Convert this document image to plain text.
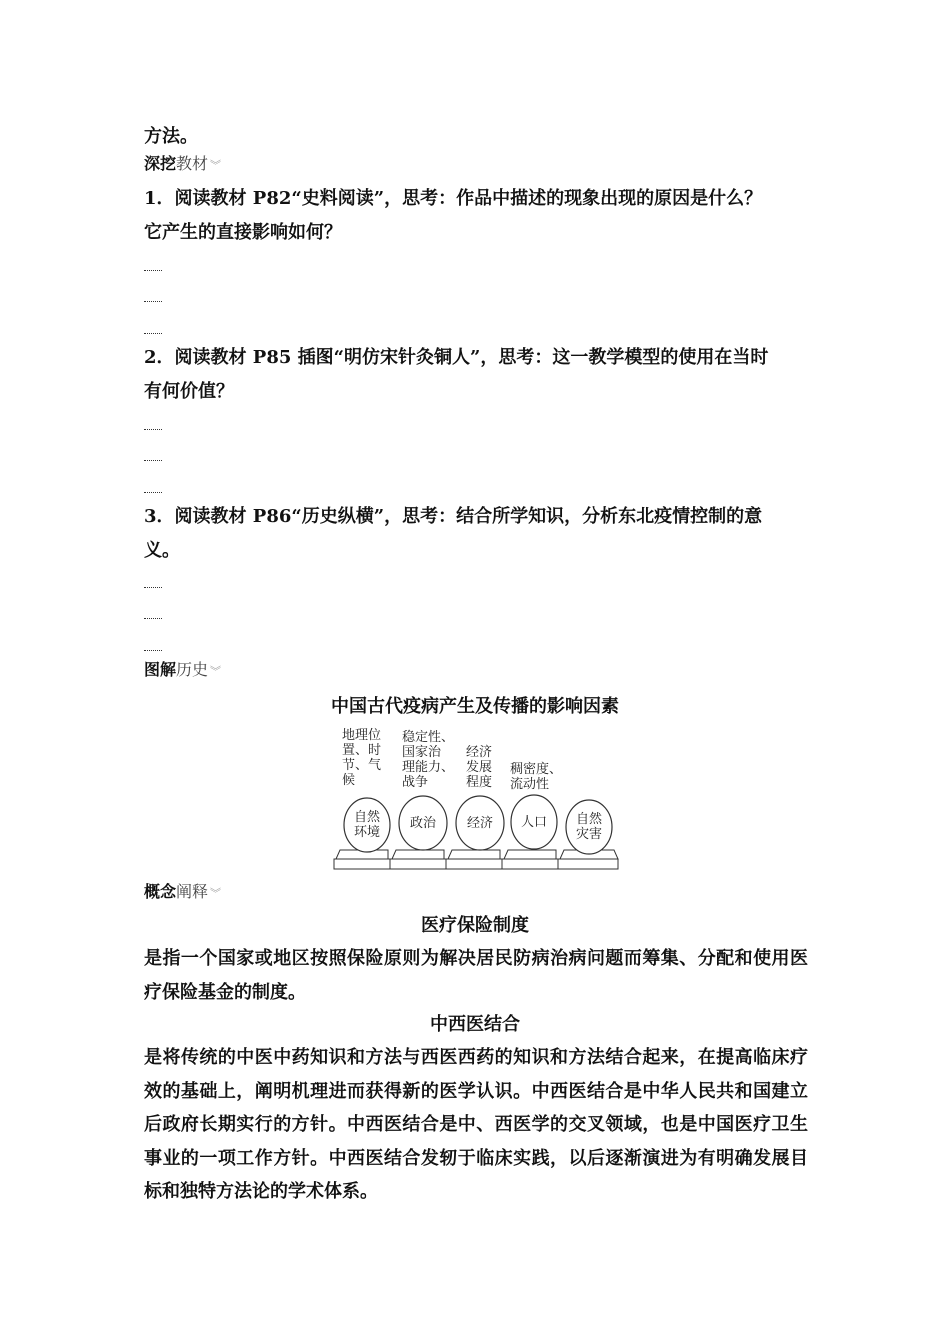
方法。
深挖教材 ︾
1．阅读教材 P82“史料阅读”，思考：作品中描述的现象出现的原因是什么？
它产生的直接影响如何？
2．阅读教材 P85 插图“明仿宋针灸铜人”，思考：这一教学模型的使用在当时
有何价值？
3．阅读教材 P86“历史纵横”，思考：结合所学知识，分析东北疫情控制的意
义。
图解历史 ︾
中国古代疫病产生及传播的影响因素
地理位
置、时
节、气
候
稳定性、
国家治
理能力、
战争
经济
发展
程度
稠密度、
流动性
自然
环境
政治	经济	人口	自然
灾害
概念阐释 ︾
医疗保险制度
是指一个国家或地区按照保险原则为解决居民防病治病问题而筹集、分配和使用医疗保险基金的制度。
中西医结合
是将传统的中医中药知识和方法与西医西药的知识和方法结合起来，在提高临床疗效的基础上，阐明机理进而获得新的医学认识。中西医结合是中华人民共和国建立后政府长期实行的方针。中西医结合是中、西医学的交叉领域，也是中国医疗卫生事业的一项工作方针。中西医结合发轫于临床实践，以后逐渐演进为有明确发展目标和独特方法论的学术体系。
